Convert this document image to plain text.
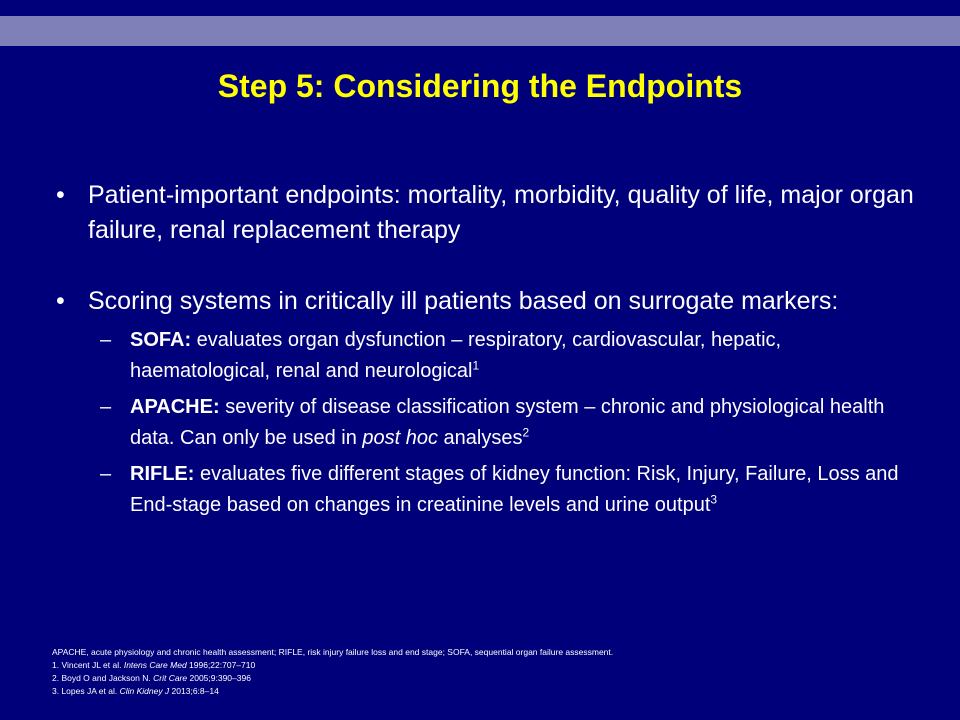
Step 5: Considering the Endpoints
• Patient-important endpoints: mortality, morbidity, quality of life, major organ failure, renal replacement therapy
• Scoring systems in critically ill patients based on surrogate markers:
– SOFA: evaluates organ dysfunction – respiratory, cardiovascular, hepatic, haematological, renal and neurological$^1$
– APACHE: severity of disease classification system – chronic and physiological health data. Can only be used in post hoc analyses$^2$
– RIFLE: evaluates five different stages of kidney function: Risk, Injury, Failure, Loss and End-stage based on changes in creatinine levels and urine output$^3$
APACHE, acute physiology and chronic health assessment; RIFLE, risk injury failure loss and end stage; SOFA, sequential organ failure assessment.
1. Vincent JL et al. Intens Care Med 1996;22:707–710
2. Boyd O and Jackson N. Crit Care 2005;9:390–396
3. Lopes JA et al. Clin Kidney J 2013;6:8–14
